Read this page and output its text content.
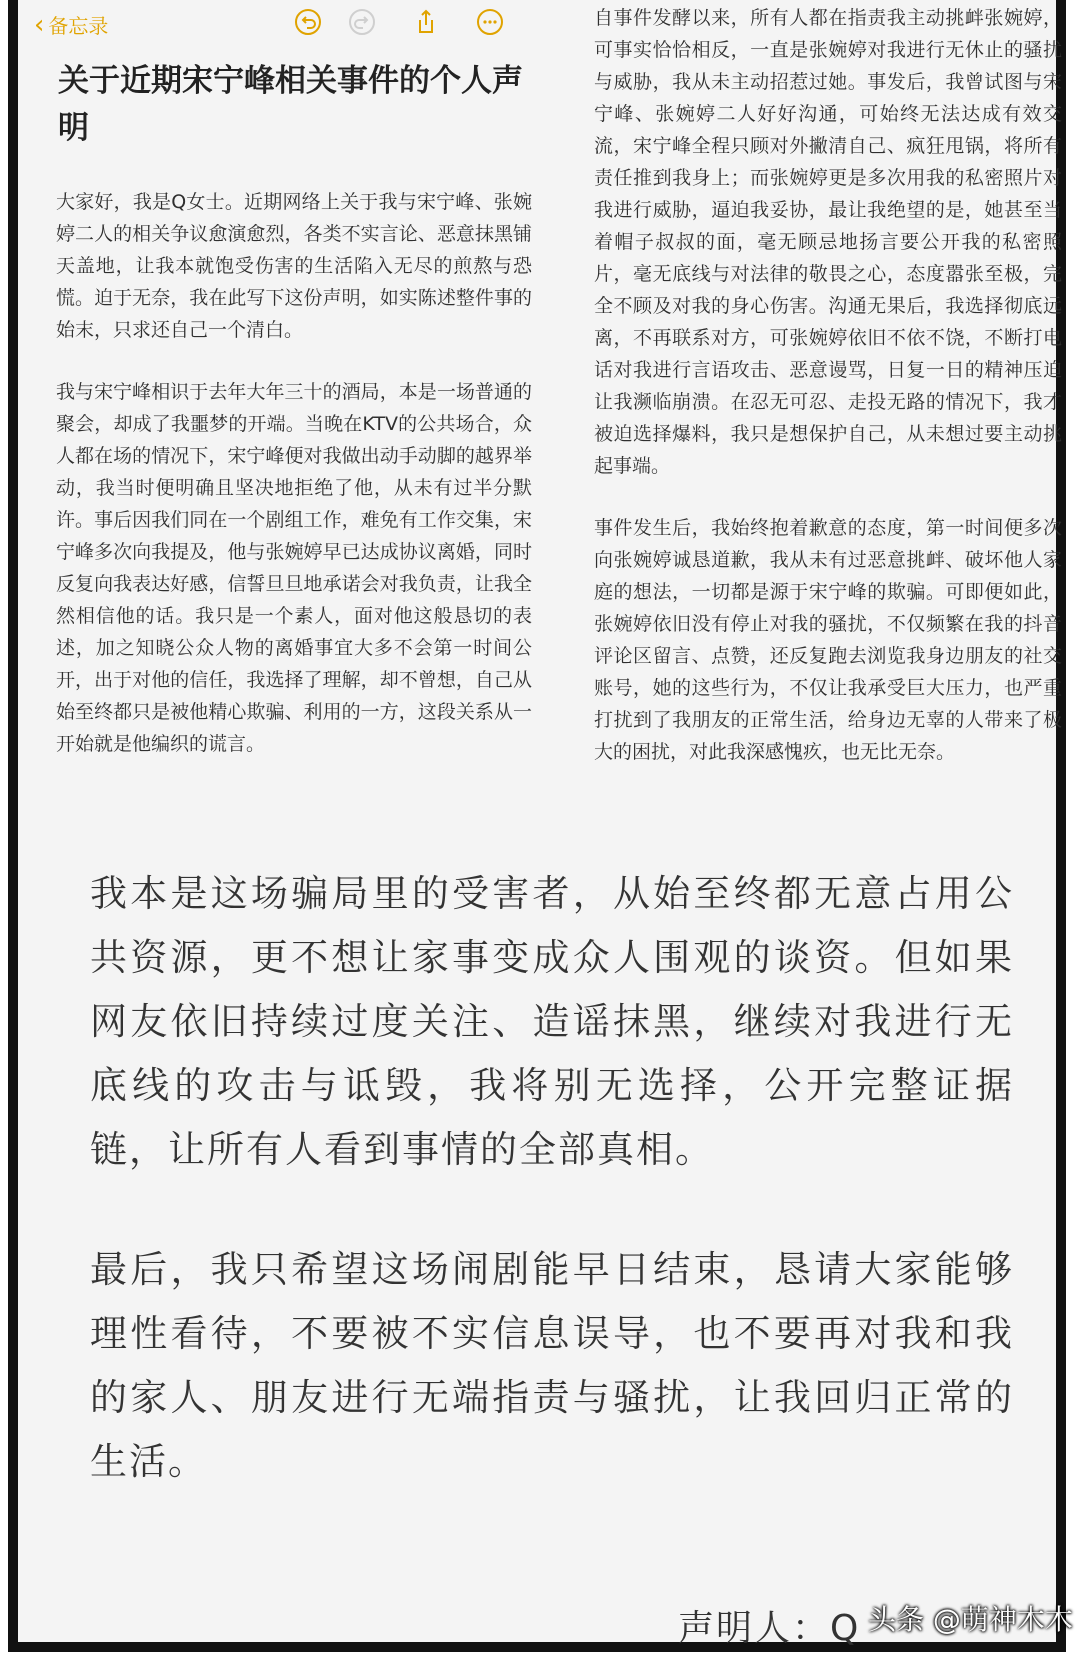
‹ 备忘录
关于近期宋宁峰相关事件的个人声明

大家好，我是Q女士。近期网络上关于我与宋宁峰、张婉婷二人的相关争议愈演愈烈，各类不实言论、恶意抹黑铺天盖地，让我本就饱受伤害的生活陷入无尽的煎熬与恐慌。迫于无奈，我在此写下这份声明，如实陈述整件事的始末，只求还自己一个清白。

我与宋宁峰相识于去年大年三十的酒局，本是一场普通的聚会，却成了我噩梦的开端。当晚在KTV的公共场合，众人都在场的情况下，宋宁峰便对我做出动手动脚的越界举动，我当时便明确且坚决地拒绝了他，从未有过半分默许。事后因我们同在一个剧组工作，难免有工作交集，宋宁峰多次向我提及，他与张婉婷早已达成协议离婚，同时反复向我表达好感，信誓旦旦地承诺会对我负责，让我全然相信他的话。我只是一个素人，面对他这般恳切的表述，加之知晓公众人物的离婚事宜大多不会第一时间公开，出于对他的信任，我选择了理解，却不曾想，自己从始至终都只是被他精心欺骗、利用的一方，这段关系从一开始就是他编织的谎言。

自事件发酵以来，所有人都在指责我主动挑衅张婉婷，可事实恰恰相反，一直是张婉婷对我进行无休止的骚扰与威胁，我从未主动招惹过她。事发后，我曾试图与宋宁峰、张婉婷二人好好沟通，可始终无法达成有效交流，宋宁峰全程只顾对外撇清自己、疯狂甩锅，将所有责任推到我身上；而张婉婷更是多次用我的私密照片对我进行威胁，逼迫我妥协，最让我绝望的是，她甚至当着帽子叔叔的面，毫无顾忌地扬言要公开我的私密照片，毫无底线与对法律的敬畏之心，态度嚣张至极，完全不顾及对我的身心伤害。沟通无果后，我选择彻底远离，不再联系对方，可张婉婷依旧不依不饶，不断打电话对我进行言语攻击、恶意谩骂，日复一日的精神压迫让我濒临崩溃。在忍无可忍、走投无路的情况下，我才被迫选择爆料，我只是想保护自己，从未想过要主动挑起事端。

事件发生后，我始终抱着歉意的态度，第一时间便多次向张婉婷诚恳道歉，我从未有过恶意挑衅、破坏他人家庭的想法，一切都是源于宋宁峰的欺骗。可即便如此，张婉婷依旧没有停止对我的骚扰，不仅频繁在我的抖音评论区留言、点赞，还反复跑去浏览我身边朋友的社交账号，她的这些行为，不仅让我承受巨大压力，也严重打扰到了我朋友的正常生活，给身边无辜的人带来了极大的困扰，对此我深感愧疚，也无比无奈。

我本是这场骗局里的受害者，从始至终都无意占用公共资源，更不想让家事变成众人围观的谈资。但如果网友依旧持续过度关注、造谣抹黑，继续对我进行无底线的攻击与诋毁，我将别无选择，公开完整证据链，让所有人看到事情的全部真相。

最后，我只希望这场闹剧能早日结束，恳请大家能够理性看待，不要被不实信息误导，也不要再对我和我的家人、朋友进行无端指责与骚扰，让我回归正常的生活。

声明人：Q 头条 @萌神木木
